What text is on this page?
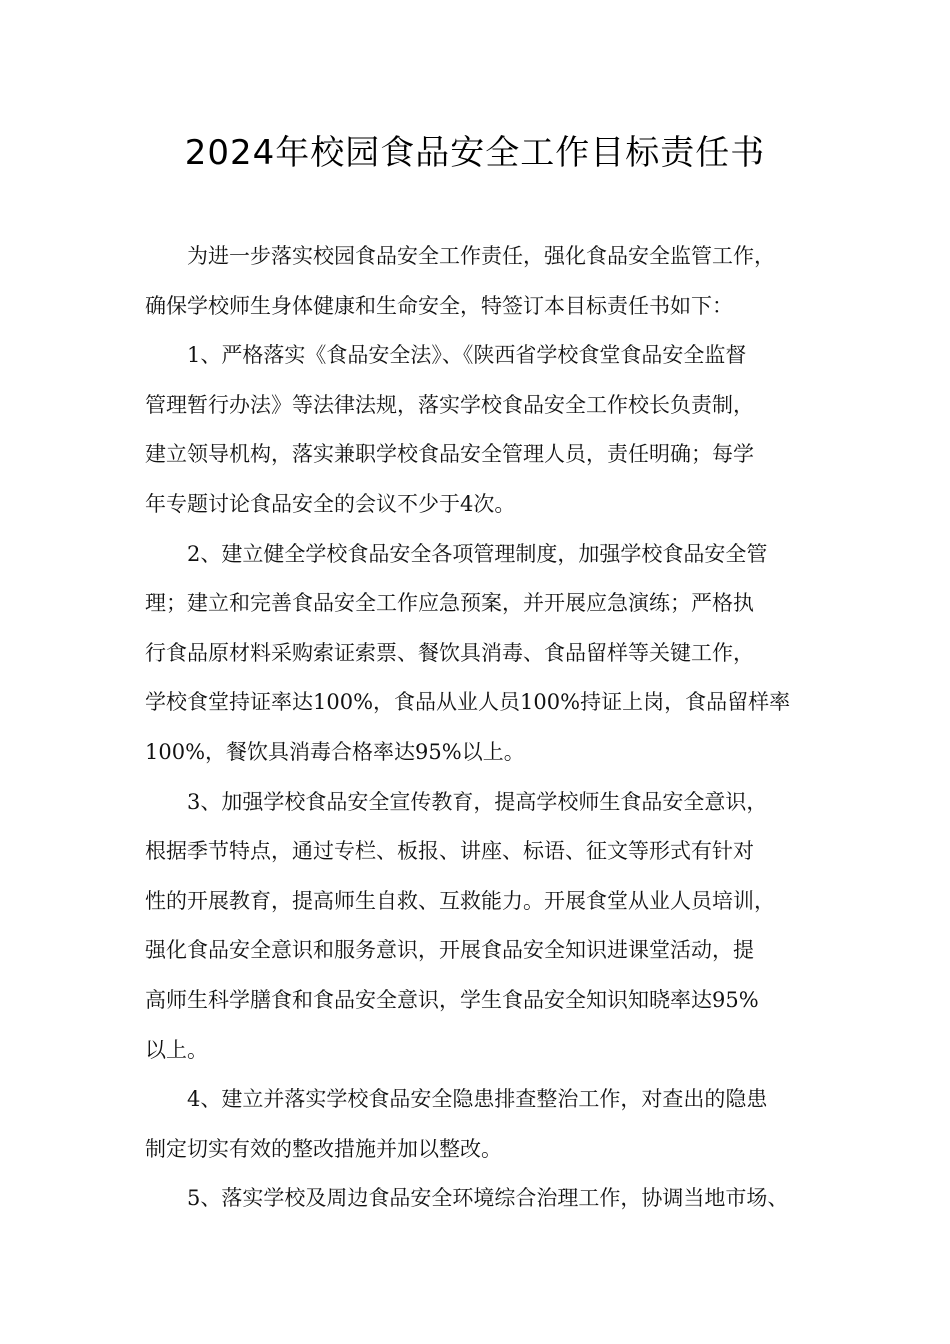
2024年校园食品安全工作目标责任书
为进一步落实校园食品安全工作责任，强化食品安全监管工作，
确保学校师生身体健康和生命安全，特签订本目标责任书如下：
1、严格落实《食品安全法》、《陕西省学校食堂食品安全监督
管理暂行办法》等法律法规，落实学校食品安全工作校长负责制，
建立领导机构，落实兼职学校食品安全管理人员，责任明确；每学
年专题讨论食品安全的会议不少于4次。
2、建立健全学校食品安全各项管理制度，加强学校食品安全管
理；建立和完善食品安全工作应急预案，并开展应急演练；严格执
行食品原材料采购索证索票、餐饮具消毒、食品留样等关键工作，
学校食堂持证率达100%，食品从业人员100%持证上岗，食品留样率
100%，餐饮具消毒合格率达95%以上。
3、加强学校食品安全宣传教育，提高学校师生食品安全意识，
根据季节特点，通过专栏、板报、讲座、标语、征文等形式有针对
性的开展教育，提高师生自救、互救能力。开展食堂从业人员培训，
强化食品安全意识和服务意识，开展食品安全知识进课堂活动，提
高师生科学膳食和食品安全意识，学生食品安全知识知晓率达95%
以上。
4、建立并落实学校食品安全隐患排查整治工作，对查出的隐患
制定切实有效的整改措施并加以整改。
5、落实学校及周边食品安全环境综合治理工作，协调当地市场、
